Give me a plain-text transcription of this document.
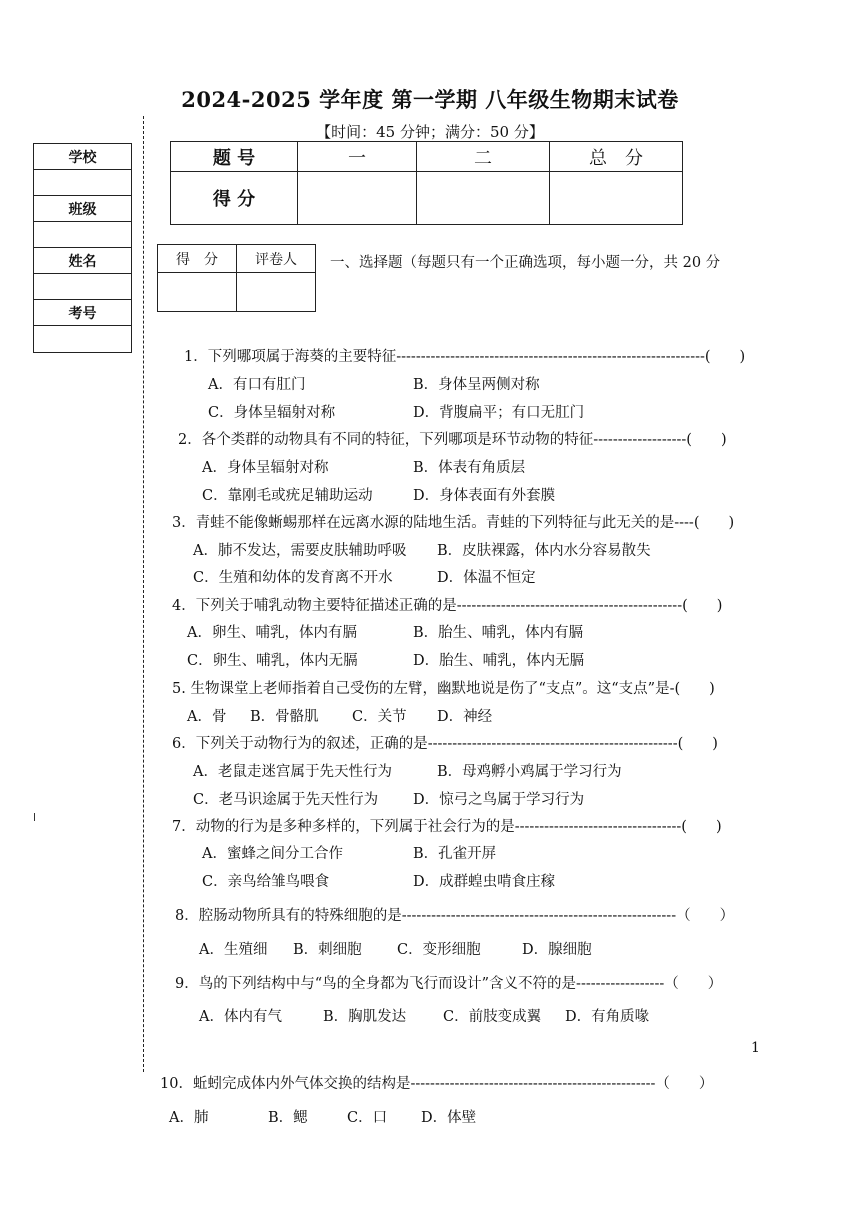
2024-2025 学年度 第一学期 八年级生物期末试卷
【时间：45 分钟；满分：50 分】
学校
班级
姓名
考号
题 号	一	二	总　分
得 分			
得　分	评卷人
	一、选择题（每题只有一个正确选项，每小题一分，共 20 分
1．下列哪项属于海葵的主要特征---------------------------------------------------------------(　　)
A．有口有肛门	B．身体呈两侧对称
C．身体呈辐射对称	D．背腹扁平；有口无肛门
2．各个类群的动物具有不同的特征，下列哪项是环节动物的特征-------------------(　　)
A．身体呈辐射对称	B．体表有角质层
C．靠刚毛或疣足辅助运动	D．身体表面有外套膜
3．青蛙不能像蜥蜴那样在远离水源的陆地生活。青蛙的下列特征与此无关的是----(　　)
A．肺不发达，需要皮肤辅助呼吸 B．皮肤裸露，体内水分容易散失
C．生殖和幼体的发育离不开水	D．体温不恒定
4．下列关于哺乳动物主要特征描述正确的是----------------------------------------------(　　)
A．卵生、哺乳，体内有膈	B．胎生、哺乳，体内有膈
C．卵生、哺乳，体内无膈	D．胎生、哺乳，体内无膈
5. 生物课堂上老师指着自己受伤的左臂，幽默地说是伤了“支点”。这“支点”是-(　　)
A．骨 B．骨骼肌 C．关节 D．神经
6．下列关于动物行为的叙述，正确的是---------------------------------------------------(　　)
A．老鼠走迷宫属于先天性行为	B．母鸡孵小鸡属于学习行为
C．老马识途属于先天性行为 D．惊弓之鸟属于学习行为
7．动物的行为是多种多样的，下列属于社会行为的是----------------------------------(　　)
A．蜜蜂之间分工合作	B．孔雀开屏
C．亲鸟给雏鸟喂食	D．成群蝗虫啃食庄稼
8．腔肠动物所具有的特殊细胞的是--------------------------------------------------------（　　）
A．生殖细 B．刺细胞 C．变形细胞	D．腺细胞
9．鸟的下列结构中与“鸟的全身都为飞行而设计”含义不符的是------------------（　　）
A．体内有气	B．胸肌发达	C．前肢变成翼 D．有角质喙
1
10．蚯蚓完成体内外气体交换的结构是--------------------------------------------------（　　）
A．肺	B．鳃	C．口 D．体壁
